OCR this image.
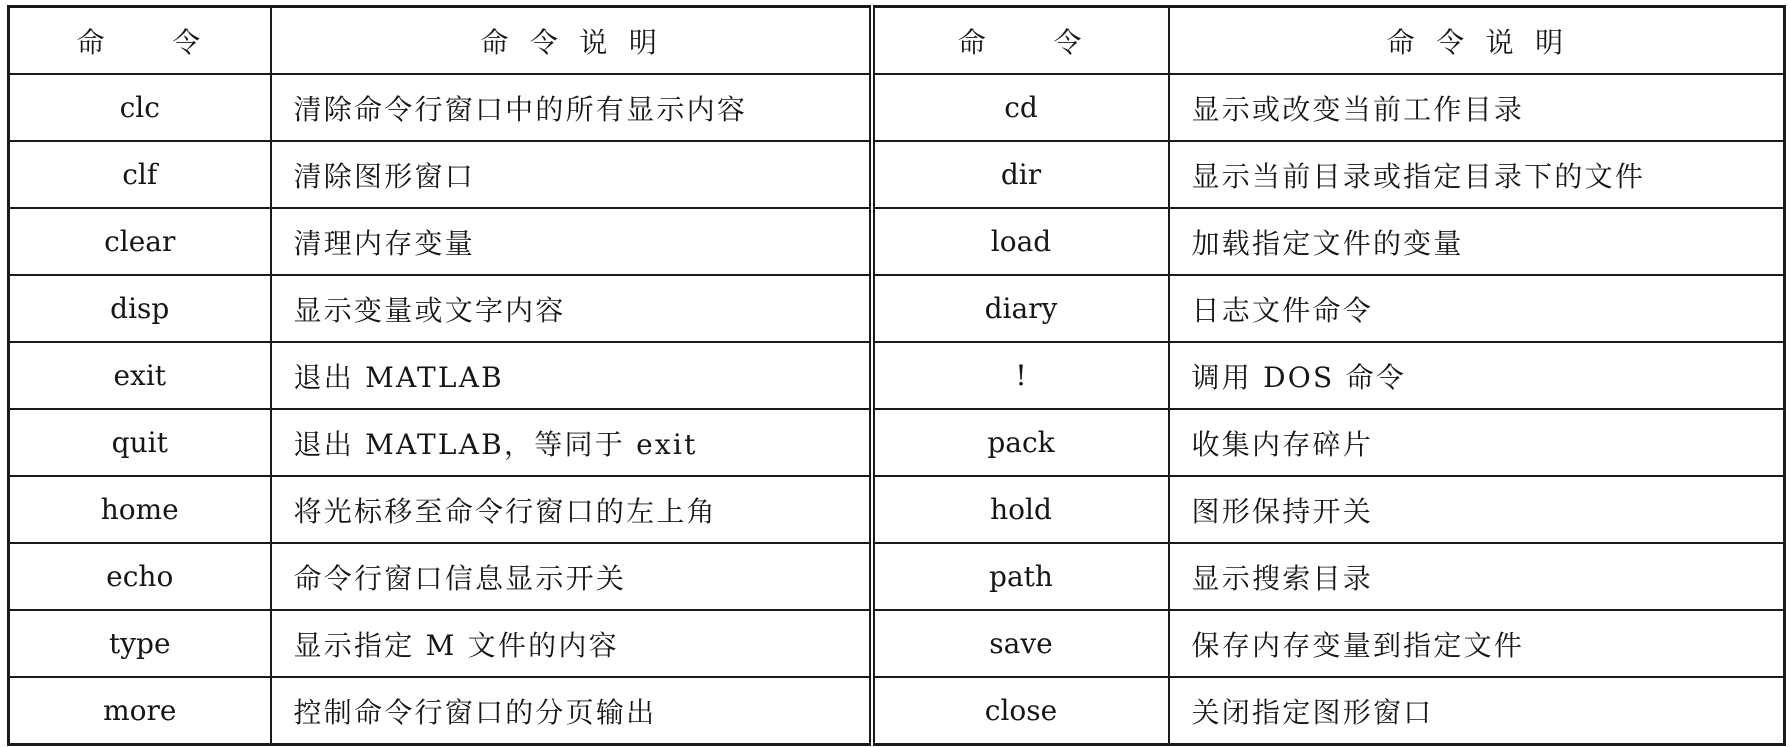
命 令	命 令 说 明	命 令	命 令 说 明
clc	清除命令行窗口中的所有显示内容	cd	显示或改变当前工作目录
clf	清除图形窗口	dir	显示当前目录或指定目录下的文件
clear	清理内存变量	load	加载指定文件的变量
disp	显示变量或文字内容	diary	日志文件命令
exit	退出 MATLAB	!	调用 DOS 命令
quit	退出 MATLAB，等同于 exit	pack	收集内存碎片
home	将光标移至命令行窗口的左上角	hold	图形保持开关
echo	命令行窗口信息显示开关	path	显示搜索目录
type	显示指定 M 文件的内容	save	保存内存变量到指定文件
more	控制命令行窗口的分页输出	close	关闭指定图形窗口
